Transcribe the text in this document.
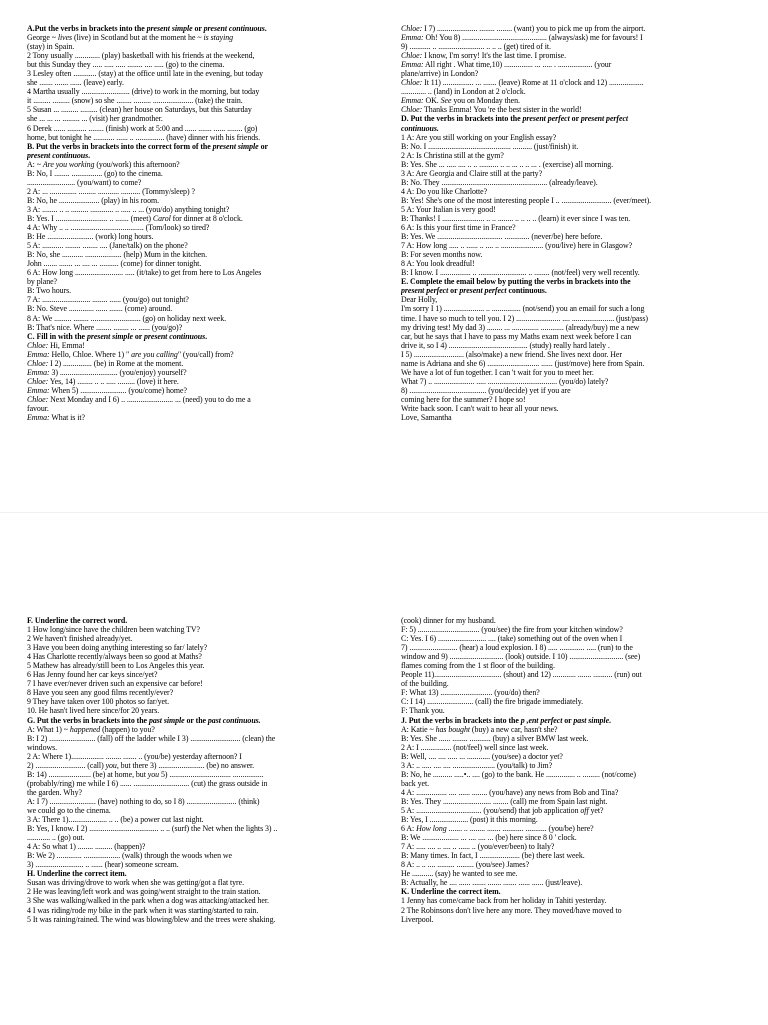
A.Put the verbs in brackets into the present simple or present continuous.
George ~ lives (live) in Scotland but at the moment he ~ is staying
(stay) in Spain.
2 Tony usually ............. (play) basketball with his friends at the weekend,
but this Sunday they ..... ..... ..... ........ .... ..... (go) to the cinema.
3 Lesley often ............ (stay) at the office until late in the evening, but today
she ....... ....... ...... (leave) early.
4 Martha usually ......................... (drive) to work in the morning, but today
it ......... ......... (snow) so she ........ ......... ..................... (take) the train.
5 Susan ... ......... ......... (clean) her house on Saturdays, but this Saturday
she ... ... ... ......... ... (visit) her grandmother.
6 Derek ...... .......... ........ (finish) work at 5:00 and ...... ....... ...... ........ (go)
home, but tonight he ........... ...... .. ............... (have) dinner with his friends.
B. Put the verbs in brackets into the correct form of the present simple or
present continuous.
A: ~ Are you working (you/work) this afternoon?
B: No, I ........ ................ (go) to the cinema.
......................... (you/want) to come?
2 A: ... .............. ......... ........... .......... (Tommy/sleep) ?
B: No, he ..................... (play) in his room.
3 A: ........ .. .. ......... ............ .. ..... .. ... (you/do) anything tonight?
B: Yes. I ........................... .. ....... (meet) Carol for dinner at 8 o'clock.
4 A: Why .. .. ...................................... (Tom/look) so tired?
B: He ........................ (work) long hours.
5 A: ........... ........ ........ .... (Jane/talk) on the phone?
B: No, she ........... ................... (help) Mum in the kitchen.
John ....... ....... ... .... ... .......... (come) for dinner tonight.
6 A: How long ......................... ..... (it/take) to get from here to Los Angeles
by plane?
B: Two hours.
7 A: ......................... ........ ...... (you/go) out tonight?
B: No. Steve ............. ...... ....... (come) around.
8 A: We ......... ........ .......................... (go) on holiday next week.
B: That's nice. Where ........ ........ ... ...... (you/go)?
C. Fill in with the present simple or present continuous.
Chloe: Hi, Emma!
Emma: Hello, Chloe. Where 1) " are you calling" (you/call) from?
Chloe: I 2) ............... (be) in Rome at the moment.
Emma: 3) .............................. (you/enjoy) yourself?
Chloe: Yes, 14) ........ .. .. ..... ......... (love) it here.
Emma: When 5) ........................ (you/come) home?
Chloe: Next Monday and I 6) .. ........................ ... (need) you to do me a
favour.
Emma: What is it?
Chloe: I 7) ..................... ........ ........ (want) you to pick me up from the airport.
Emma: Oh! You 8) ............................................ (always/ask) me for favours! I
9) ........... .. ........................ .. .. .. (get) tired of it.
Chloe: I know, I'm sorry! It's the last time. I promise.
Emma: All right . What time,10) ............... ... ..... . .................. (your
plane/arrive) in London?
Chloe: It 11) ................ ... ....... (leave) Rome at 11 o'clock and 12) ..................
............. .. (land) in London at 2 o'clock.
Emma: OK. See you on Monday then.
Chloe: Thanks Emma! You 're the best sister in the world!
D. Put the verbs in brackets into the present perfect or present perfect
continuous.
1 A: Are you still working on your English essay?
B: No. I ........................................... .......... (just/finish) it.
2 A: Is Christina still at the gym?
B: Yes. She ... ..... .... .. .. .......... .. .. ... .. .. ... . (exercise) all morning.
3 A: Are Georgia and Claire still at the party?
B: No. They ....................................................... (already/leave).
4 A: Do you like Charlotte?
B: Yes! She's one of the most interesting people I .. .......................... (ever/meet).
5 A: Your Italian is very good!
B: Thanks! I ...................... .. .. ........ .. .. .. .. (learn) it ever since I was ten.
6 A: Is this your first time in France?
B: Yes. We .................................. ............. (never/be) here before.
7 A: How long ..... .. ...... .. .... .. ...................... (you/live) here in Glasgow?
B: For seven months now.
8 A: You look dreadful!
B: I know. I ................ .. ......................... .. ........ (not/feel) very well recently.
E. Complete the email below by putting the verbs in brackets into the
present perfect or present perfect continuous.
Dear Holly,
I'm sorry I 1) ..................... .. ............... (not/send) you an email for such a long
time. I have so much to tell you. I 2) ....................... .... ...................... (just/pass)
my driving test! My dad 3) ........ ... .............. ............ (already/buy) me a new
car, but he says that I have to pass my Maths exam next week before I can
drive it, so I 4) ......................................... (study) really hard lately .
I 5) .......................... (also/make) a new friend. She lives next door. Her
name is Adriana and she 6) ........................... ...... (just/move) here from Spain.
We have a lot of fun together. I can 't wait for you to meet her.
What 7) .. ..................... ..... .................................... (you/do) lately?
8) ........................................ (you/decide) yet if you are
coming here for the summer? I hope so!
Write back soon. I can't wait to hear all your news.
Love, Samantha
F. Underline the correct word.
1 How long/since have the children been watching TV?
2 We haven't finished already/yet.
3 Have you been doing anything interesting so far/ lately?
4 Has Charlotte recently/always been so good at Maths?
5 Mathew has already/still been to Los Angeles this year.
6 Has Jenny found her car keys since/yet?
7 I have ever/never driven such an expensive car before!
8 Have you seen any good films recently/ever?
9 They have taken over 100 photos so far/yet.
10. He hasn't lived here since/for 20 years.
G. Put the verbs in brackets into the past simple or the past continuous.
A: What 1) ~ happened (happen) to you?
B: I 2) ........................ (fall) off the ladder while I 3) .......................... (clean) the
windows.
2 A: Where 1)................. ........ ....... .. (you/be) yesterday afternoon? I
2) .......................... (call) you, but there 3) ........................ (be) no answer.
B: 14) ...................... (be) at home, but you 5) ................................ ................
(probably/ring) me while I 6) ...... ............................. (cut) the grass outside in
the garden. Why?
A: I 7) ........................ (have) nothing to do, so I 8) .......................... (think)
we could go to the cinema.
3 A: There 1).................... .. .. (be) a power cut last night.
B: Yes, I know. I 2) .................................... .. .. (surf) the Net when the lights 3) ..
............ .. (go) out.
4 A: So what 1) ........ ......... (happen)?
B: We 2) ............. ................... (walk) through the woods when we
3) ......................... .. ...... (hear) someone scream.
H. Underline the correct item.
Susan was driving/drove to work when she was getting/got a flat tyre.
2 He was leaving/left work and was going/went straight to the train station.
3 She was walking/walked in the park when a dog was attacking/attacked her.
4 I was riding/rode my bike in the park when it was starting/started to rain.
5 It was raining/rained. The wind was blowing/blew and the trees were shaking.
(cook) dinner for my husband.
F: 5) ................................ (you/see) the fire from your kitchen window?
C: Yes. I 6) ......................... .... (take) something out of the oven when I
7) ......................... (hear) a loud explosion. I 8) ..... ............. ..... (run) to the
window and 9) ............................ (look) outside. I 10) ............................ (see)
flames coming from the 1 st floor of the building.
People 11)................................... (shout) and 12) ............ ....... .......... (run) out
of the building.
F: What 13) ........................... (you/do) then?
C: I 14) ........................ (call) the fire brigade immediately.
F: Thank you.
J. Put the verbs in brackets into the p ,ent perfect or past simple.
A: Katie ~ has bought (buy) a new car, hasn't she?
B: Yes. She ...... ........ ........... (buy) a silver BMW last week.
2 A: I ................ (not/feel) well since last week.
B: Well, .... .... ..... ... ............ (you/see) a doctor yet?
3 A: .. ..... .... .... ...................... (you/talk) to Jim?
B: No, he .......... .....•.. .... (go) to the bank. He ............... .. ......... (not/come)
back yet.
4 A: ................ .... ...... ........ (you/have) any news from Bob and Tina?
B: Yes. They ......................... ........ (call) me from Spain last night.
5 A: .................................. (you/send) that job application off yet?
B: Yes, I .................... (post) it this morning.
6 A: How long ....... .. ........ ....... ........... ........... (you/be) here?
B: We ................... ... .... .... ... (be) here since 8 0 ' clock.
7 A: ..... .... .. .... .. ...... .. (you/ever/been) to Italy?
B: Many times. In fact, I ..................... (be) there last week.
8 A: .. .. .... ......... ......... (you/see) James?
He ........... (say) he wanted to see me.
B: Actually, he .... ...... ....... ....... ....... ...... ...... (just/leave).
K. Underline the correct item.
1 Jenny has come/came back from her holiday in Tahiti yesterday.
2 The Robinsons don't live here any more. They moved/have moved to
Liverpool.
